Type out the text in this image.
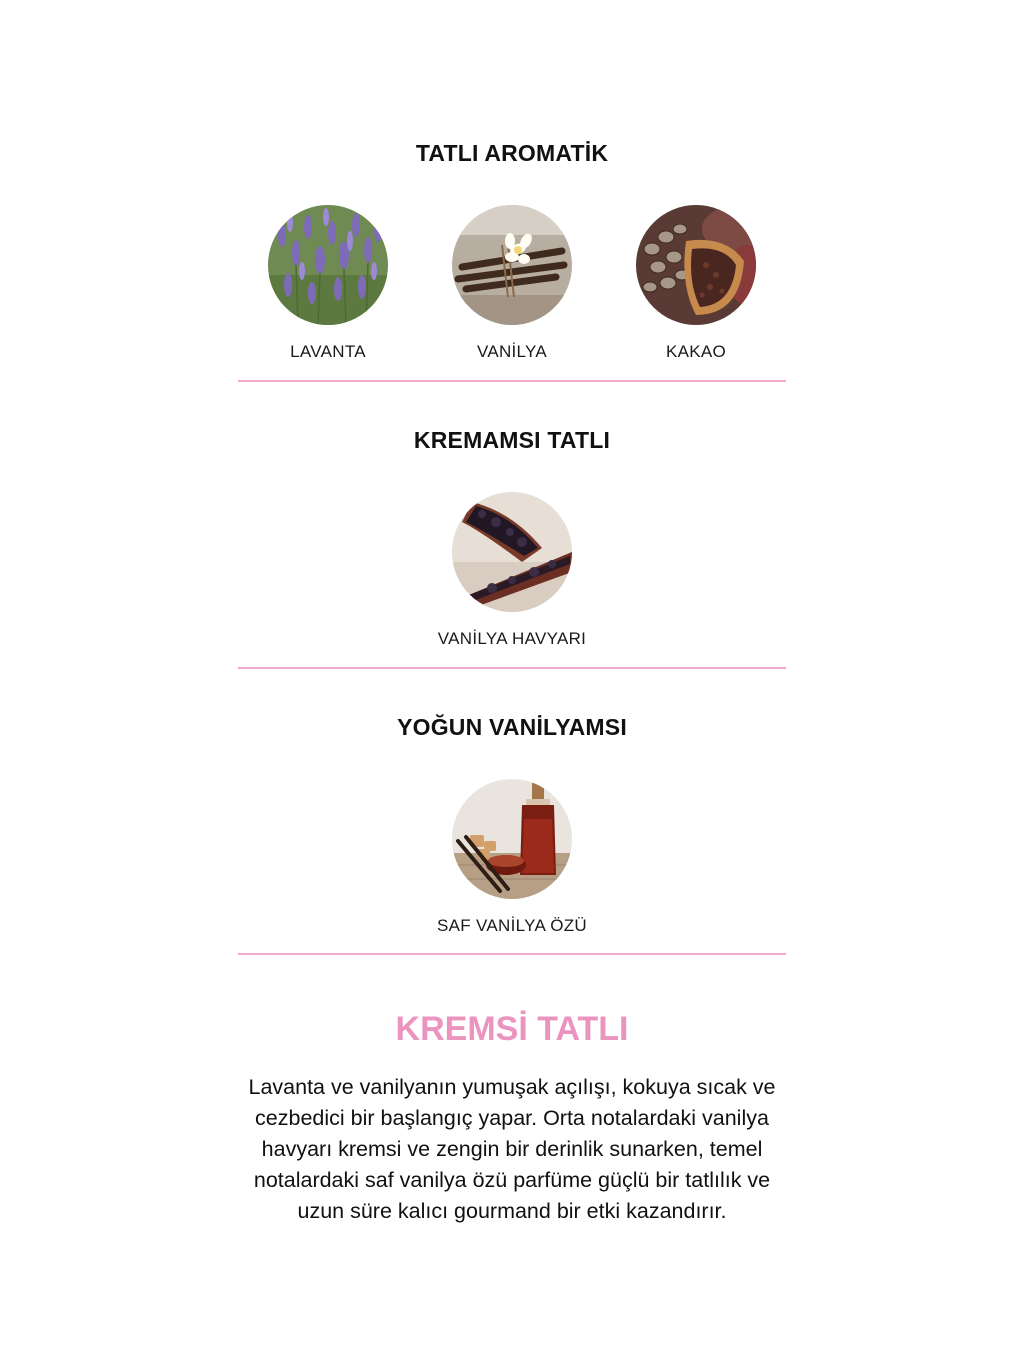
TATLI AROMATİK
LAVANTA	VANİLYA	KAKAO
KREMAMSI TATLI
VANİLYA HAVYARI
YOĞUN VANİLYAMSI
SAF VANİLYA ÖZÜ
KREMSİ TATLI
Lavanta ve vanilyanın yumuşak açılışı, kokuya sıcak ve cezbedici bir başlangıç yapar. Orta notalardaki vanilya havyarı kremsi ve zengin bir derinlik sunarken, temel notalardaki saf vanilya özü parfüme güçlü bir tatlılık ve uzun süre kalıcı gourmand bir etki kazandırır.
